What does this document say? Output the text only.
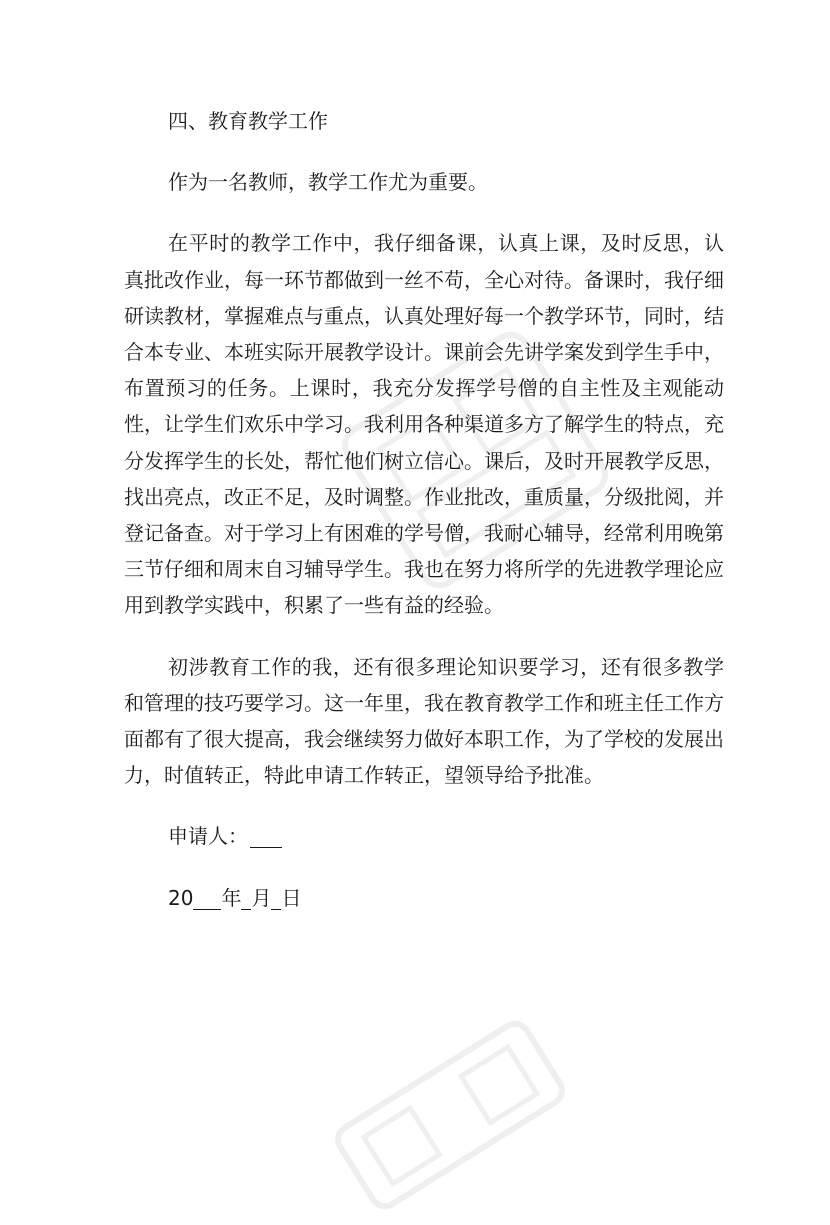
四、教育教学工作

作为一名教师，教学工作尤为重要。

在平时的教学工作中，我仔细备课，认真上课，及时反思，认真批改作业，每一环节都做到一丝不苟，全心对待。备课时，我仔细研读教材，掌握难点与重点，认真处理好每一个教学环节，同时，结合本专业、本班实际开展教学设计。课前会先讲学案发到学生手中，布置预习的任务。上课时，我充分发挥学号僧的自主性及主观能动性，让学生们欢乐中学习。我利用各种渠道多方了解学生的特点，充分发挥学生的长处，帮忙他们树立信心。课后，及时开展教学反思，找出亮点，改正不足，及时调整。作业批改，重质量，分级批阅，并登记备查。对于学习上有困难的学号僧，我耐心辅导，经常利用晚第三节仔细和周末自习辅导学生。我也在努力将所学的先进教学理论应用到教学实践中，积累了一些有益的经验。

初涉教育工作的我，还有很多理论知识要学习，还有很多教学和管理的技巧要学习。这一年里，我在教育教学工作和班主任工作方面都有了很大提高，我会继续努力做好本职工作，为了学校的发展出力，时值转正，特此申请工作转正，望领导给予批准。

申请人：

20 年 月 日
